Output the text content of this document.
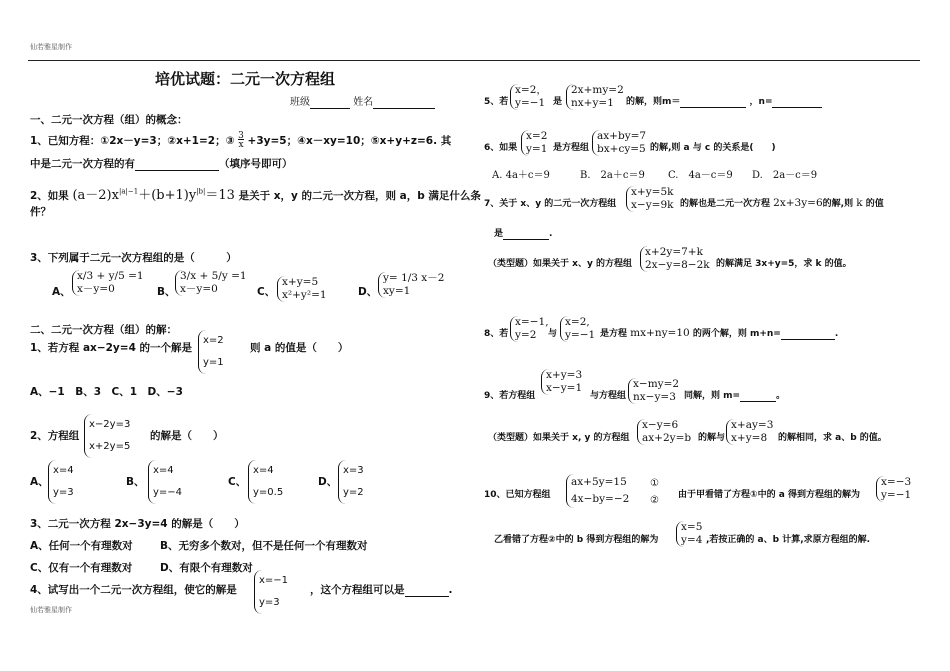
仙若雅星制作
仙若雅星制作
培优试题：二元一次方程组
班级	姓名
一、二元一次方程（组）的概念：
1、已知方程：①2x－y=3；②x+1=2；③ 3
x +3y=5；④x－xy=10；⑤x+y+z=6. 其
中是二元一次方程的有	（填序号即可）
2、如果 $(a-2)x^{|a|-1}+(b+1)y^{|b|}=13$ 是关于 x，y 的二元一次方程，则 a，b 满足什么条
件？
3、下列属于二元一次方程组的是（　　　）
A、
x/3 + y/5 =1
x－y=0	B、
3/x + 5/y =1
x－y=0	C、
x+y=5
x²+y²=1	D、
y= 1/3 x－2
xy=1
二、二元一次方程（组）的解：
1、若方程 ax−2y=4 的一个解是
x=2
y=1
则 a 的值是（　　）
A、−1　B、3　C、1　D、−3
2、方程组
x−2y=3
x+2y=5
的解是（　　）
A、
x=4
y=3
B、
x=4
y=−4
C、
x=4
y=0.5
D、
x=3
y=2
3、二元一次方程 2x−3y=4 的解是（　　）
A、任何一个有理数对	B、无穷多个数对，但不是任何一个有理数对
C、仅有一个有理数对	D、有限个有理数对
4、试写出一个二元一次方程组，使它的解是
x=−1
y=3
，这个方程组可以是	.
5、若
x=2，
y=−1 是
2x+my=2
nx+y=1	的解，则m＝	，n=
6、如果
x=2
y=1 是方程组
ax+by=7
bx+cy=5 的解,则 a 与 c 的关系是(　　)
A. 4a＋c＝9	B.　2a＋c＝9 C.　4a－c＝9 D.　2a－c＝9
7、关于 x、y 的二元一次方程组
x+y=5k
x−y=9k 的解也是二元一次方程 2x+3y=6的解,则 k 的值
是	.
（类型题）如果关于 x、y 的方程组
x+2y=7+k
2x−y=8−2k 的解满足 3x+y=5，求 k 的值。
8、若
x=−1,
y=2	与
x=2,
y=−1 是方程 mx+ny=10 的两个解，则 m+n=	.
9、若方程组
x+y=3
x−y=1
与方程组
x−my=2
nx−y=3 同解，则 m=	。
（类型题）如果关于 x, y 的方程组
x−y=6
ax+2y=b 的解与
x+ay=3
x+y=8	的解相同，求 a、b 的值。
10、已知方程组
ax+5y=15
4x−by=−2
①
② 由于甲看错了方程①中的 a 得到方程组的解为
x=−3
y=−1
乙看错了方程②中的 b 得到方程组的解为
x=5
y=4 ,若按正确的 a、b 计算,求原方程组的解.
